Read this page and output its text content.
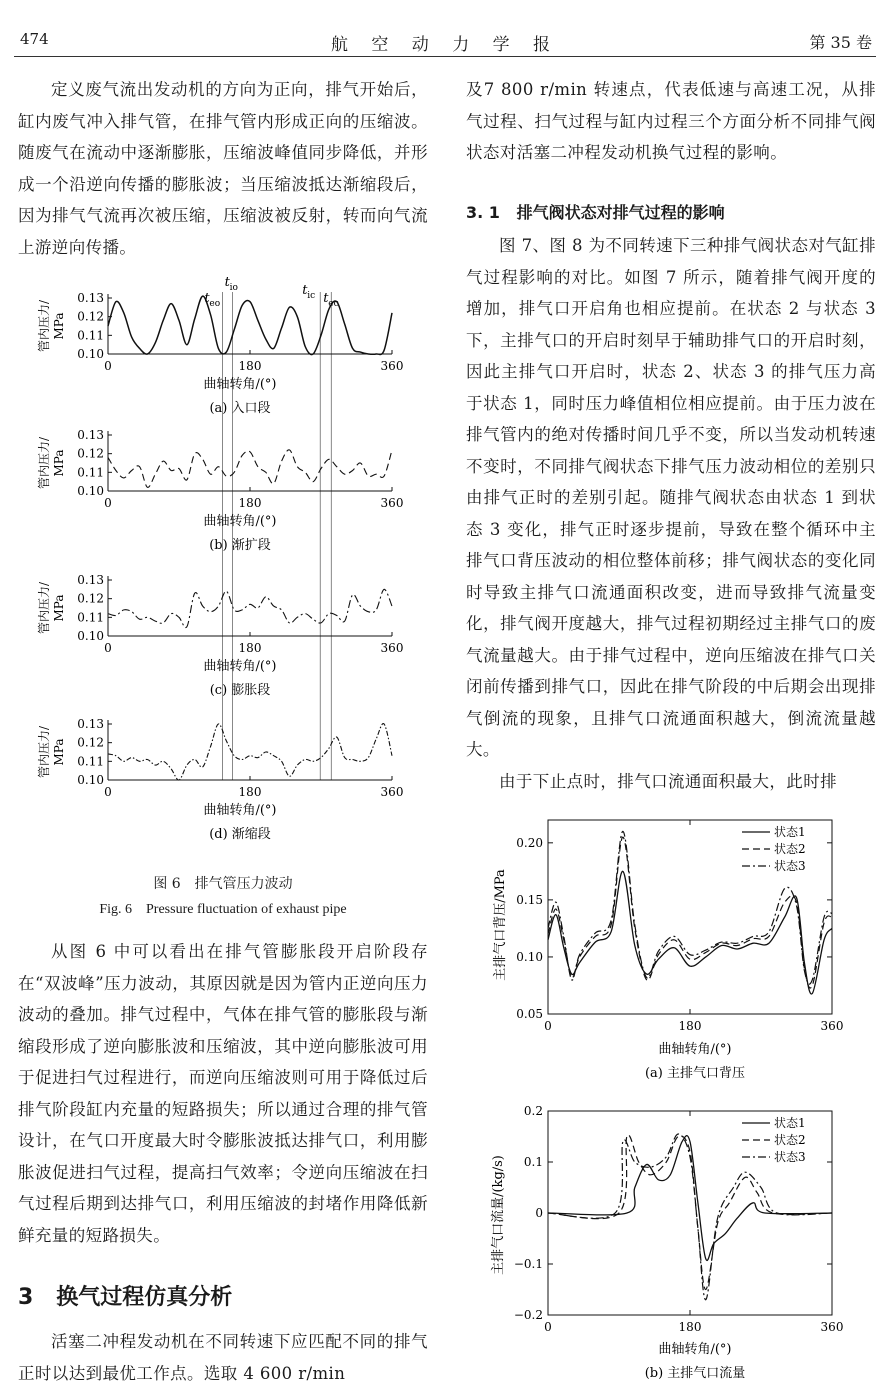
474	航 空 动 力 学 报	第 35 卷

定义废气流出发动机的方向为正向，排气开始后，缸内废气冲入排气管，在排气管内形成正向的压缩波。随废气在流动中逐渐膨胀，压缩波峰值同步降低，并形成一个沿逆向传播的膨胀波；当压缩波抵达渐缩段后，因为排气气流再次被压缩，压缩波被反射，转而向气流上游逆向传播。

0.10
0.11
0.12
0.13
0	180	360
管内压力/ MPa
曲轴转角/(°)
(a) 入口段
0.10
0.11
0.12
0.13
0	180	360
管内压力/ MPa
曲轴转角/(°)
(b) 渐扩段
0.10
0.11
0.12
0.13
0	180	360
管内压力/ MPa
曲轴转角/(°)
(c) 膨胀段
0.10
0.11
0.12
0.13
0	180	360
管内压力/ MPa
曲轴转角/(°)
(d) 渐缩段
t eo
t io	t ic t ec
图 6　排气管压力波动
Fig. 6　Pressure fluctuation of exhaust pipe

从图 6 中可以看出在排气管膨胀段开启阶段存在“双波峰”压力波动，其原因就是因为管内正逆向压力波动的叠加。排气过程中，气体在排气管的膨胀段与渐缩段形成了逆向膨胀波和压缩波，其中逆向膨胀波可用于促进扫气过程进行，而逆向压缩波则可用于降低过后排气阶段缸内充量的短路损失；所以通过合理的排气管设计，在气口开度最大时令膨胀波抵达排气口，利用膨胀波促进扫气过程，提高扫气效率；令逆向压缩波在扫气过程后期到达排气口，利用压缩波的封堵作用降低新鲜充量的短路损失。

3 换气过程仿真分析

活塞二冲程发动机在不同转速下应匹配不同的排气正时以达到最优工作点。选取 4 600 r/min

及7 800 r/min 转速点，代表低速与高速工况，从排气过程、扫气过程与缸内过程三个方面分析不同排气阀状态对活塞二冲程发动机换气过程的影响。

3. 1 排气阀状态对排气过程的影响

图 7、图 8 为不同转速下三种排气阀状态对气缸排气过程影响的对比。如图 7 所示，随着排气阀开度的增加，排气口开启角也相应提前。在状态 2 与状态 3 下，主排气口的开启时刻早于辅助排气口的开启时刻，因此主排气口开启时，状态 2、状态 3 的排气压力高于状态 1，同时压力峰值相位相应提前。由于压力波在排气管内的绝对传播时间几乎不变，所以当发动机转速不变时，不同排气阀状态下排气压力波动相位的差别只由排气正时的差别引起。随排气阀状态由状态 1 到状态 3 变化，排气正时逐步提前，导致在整个循环中主排气口背压波动的相位整体前移；排气阀状态的变化同时导致主排气口流通面积改变，进而导致排气流量变化，排气阀开度越大，排气过程初期经过主排气口的废气流量越大。由于排气过程中，逆向压缩波在排气口关闭前传播到排气口，因此在排气阶段的中后期会出现排气倒流的现象，且排气口流通面积越大，倒流流量越大。

由于下止点时，排气口流通面积最大，此时排

主排气口背压/MPa
曲轴转角/(°)
(a) 主排气口背压
0.05
0.10
0.15
0.20
0	180	360
状态1
状态2
状态3
主排气口流量/(kg/s)
曲轴转角/(°)
(b) 主排气口流量
−0.2
−0.1
0
0.1
0.2
0	180	360
状态1
状态2
状态3
